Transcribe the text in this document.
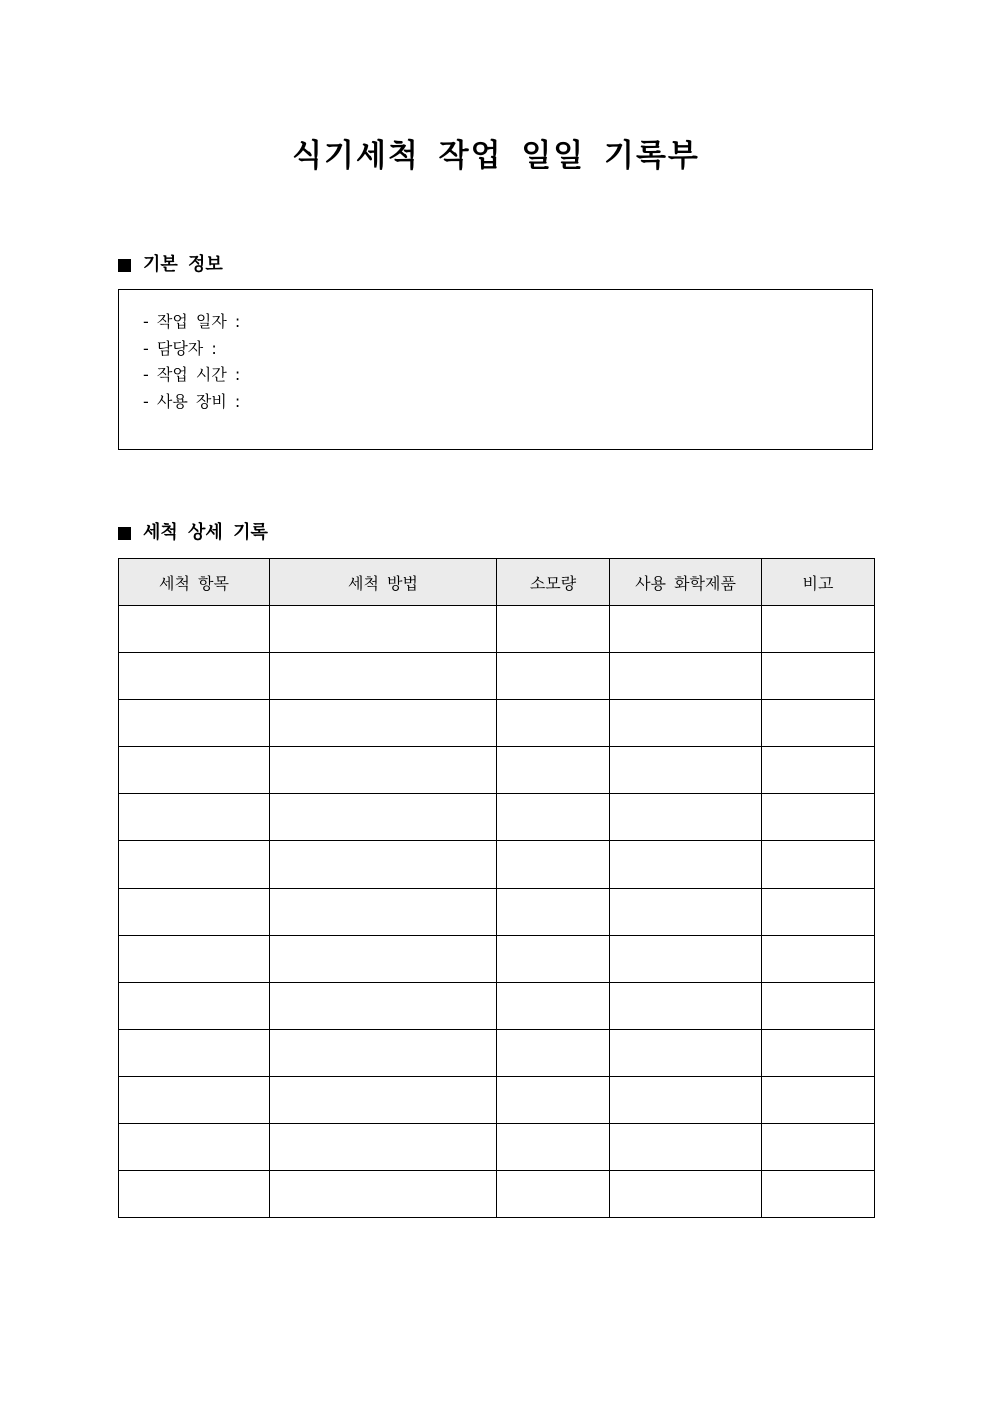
식기세척 작업 일일 기록부
기본 정보
- 작업 일자 :
- 담당자 :
- 작업 시간 :
- 사용 장비 :
세척 상세 기록
세척 항목	세척 방법	소모량	사용 화학제품	비고
